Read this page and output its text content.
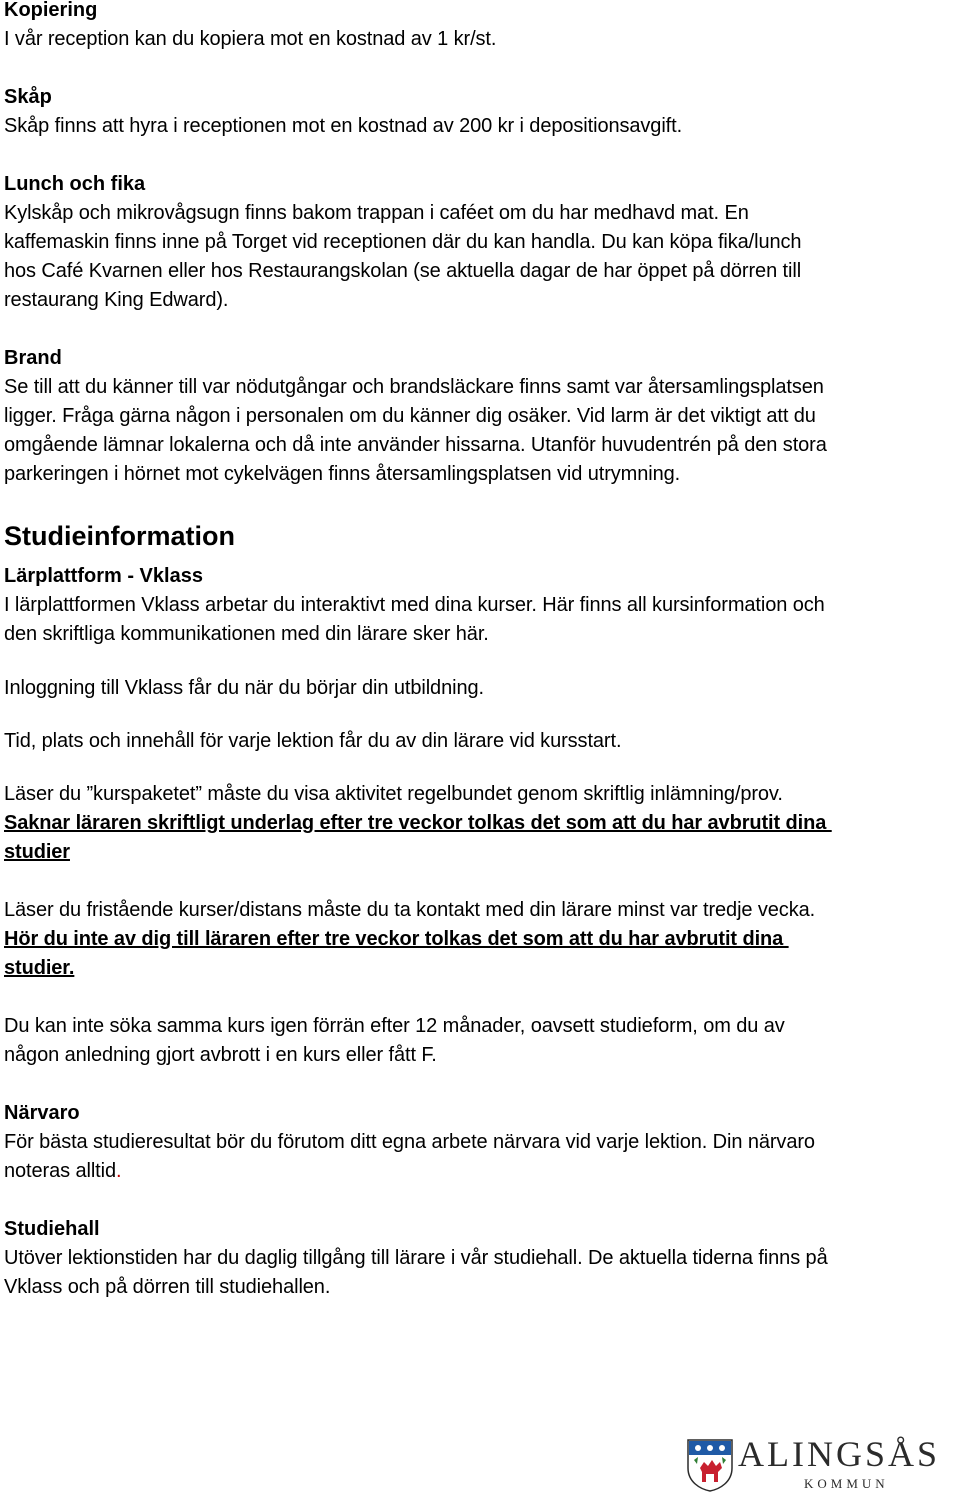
Kopiering
I vår reception kan du kopiera mot en kostnad av 1 kr/st.
Skåp
Skåp finns att hyra i receptionen mot en kostnad av 200 kr i depositionsavgift.
Lunch och fika
Kylskåp och mikrovågsugn finns bakom trappan i caféet om du har medhavd mat. En
kaffemaskin finns inne på Torget vid receptionen där du kan handla. Du kan köpa fika/lunch
hos Café Kvarnen eller hos Restaurangskolan (se aktuella dagar de har öppet på dörren till
restaurang King Edward).
Brand
Se till att du känner till var nödutgångar och brandsläckare finns samt var återsamlingsplatsen
ligger. Fråga gärna någon i personalen om du känner dig osäker. Vid larm är det viktigt att du
omgående lämnar lokalerna och då inte använder hissarna. Utanför huvudentrén på den stora
parkeringen i hörnet mot cykelvägen finns återsamlingsplatsen vid utrymning.
Studieinformation
Lärplattform - Vklass
I lärplattformen Vklass arbetar du interaktivt med dina kurser. Här finns all kursinformation och
den skriftliga kommunikationen med din lärare sker här.
Inloggning till Vklass får du när du börjar din utbildning.
Tid, plats och innehåll för varje lektion får du av din lärare vid kursstart.
Läser du ”kurspaketet” måste du visa aktivitet regelbundet genom skriftlig inlämning/prov.
Saknar läraren skriftligt underlag efter tre veckor tolkas det som att du har avbrutit dina
studier
Läser du fristående kurser/distans måste du ta kontakt med din lärare minst var tredje vecka.
Hör du inte av dig till läraren efter tre veckor tolkas det som att du har avbrutit dina
studier.
Du kan inte söka samma kurs igen förrän efter 12 månader, oavsett studieform, om du av
någon anledning gjort avbrott i en kurs eller fått F.
Närvaro
För bästa studieresultat bör du förutom ditt egna arbete närvara vid varje lektion. Din närvaro
noteras alltid.
Studiehall
Utöver lektionstiden har du daglig tillgång till lärare i vår studiehall. De aktuella tiderna finns på
Vklass och på dörren till studiehallen.
ALINGSÅS
KOMMUN
